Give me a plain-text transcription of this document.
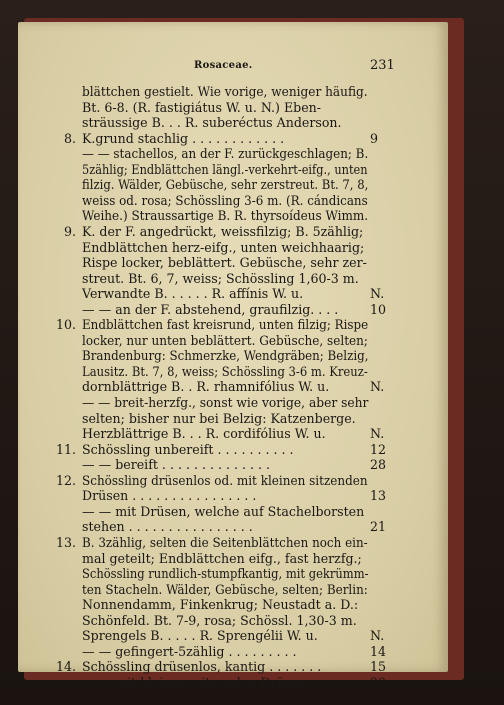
Rosaceae.	231
blättchen gestielt. Wie vorige, weniger häufig.
Bt. 6-8. (R. fastigiátus W. u. N.) Eben-
sträussige B. . . R. suberéctus Anderson.
8. K.grund stachlig . . . . . . . . . . . .	9
— — stachellos, an der F. zurückgeschlagen; B.
5zählig; Endblättchen längl.-verkehrt-eifg., unten
filzig. Wälder, Gebüsche, sehr zerstreut. Bt. 7, 8,
weiss od. rosa; Schössling 3-6 m. (R. cándicans
Weihe.) Straussartige B. R. thyrsoídeus Wimm.
9. K. der F. angedrückt, weissfilzig; B. 5zählig;
Endblättchen herz-eifg., unten weichhaarig;
Rispe locker, beblättert. Gebüsche, sehr zer-
streut. Bt. 6, 7, weiss; Schössling 1,60-3 m.
Verwandte B. . . . . . R. affínis W. u.	N.
— — an der F. abstehend, graufilzig. . . .	10
10. Endblättchen fast kreisrund, unten filzig; Rispe
locker, nur unten beblättert. Gebüsche, selten;
Brandenburg: Schmerzke, Wendgräben; Belzig,
Lausitz. Bt. 7, 8, weiss; Schössling 3-6 m. Kreuz-
dornblättrige B. . R. rhamnifólius W. u.	N.
— — breit-herzfg., sonst wie vorige, aber sehr
selten; bisher nur bei Belzig: Katzenberge.
Herzblättrige B. . . R. cordifólius W. u.	N.
11. Schössling unbereift . . . . . . . . . .	12
— — bereift . . . . . . . . . . . . . .	28
12. Schössling drüsenlos od. mit kleinen sitzenden
Drüsen . . . . . . . . . . . . . . . .	13
— — mit Drüsen, welche auf Stachelborsten
stehen . . . . . . . . . . . . . . . .	21
13. B. 3zählig, selten die Seitenblättchen noch ein-
mal geteilt; Endblättchen eifg., fast herzfg.;
Schössling rundlich-stumpfkantig, mit gekrümm-
ten Stacheln. Wälder, Gebüsche, selten; Berlin:
Nonnendamm, Finkenkrug; Neustadt a. D.:
Schönfeld. Bt. 7-9, rosa; Schössl. 1,30-3 m.
Sprengels B. . . . . R. Sprengélii W. u.	N.
— — gefingert-5zählig . . . . . . . . .	14
14. Schössling drüsenlos, kantig . . . . . . .	15
— — mit kleinen, sitzenden Drüsen . . . . 20
